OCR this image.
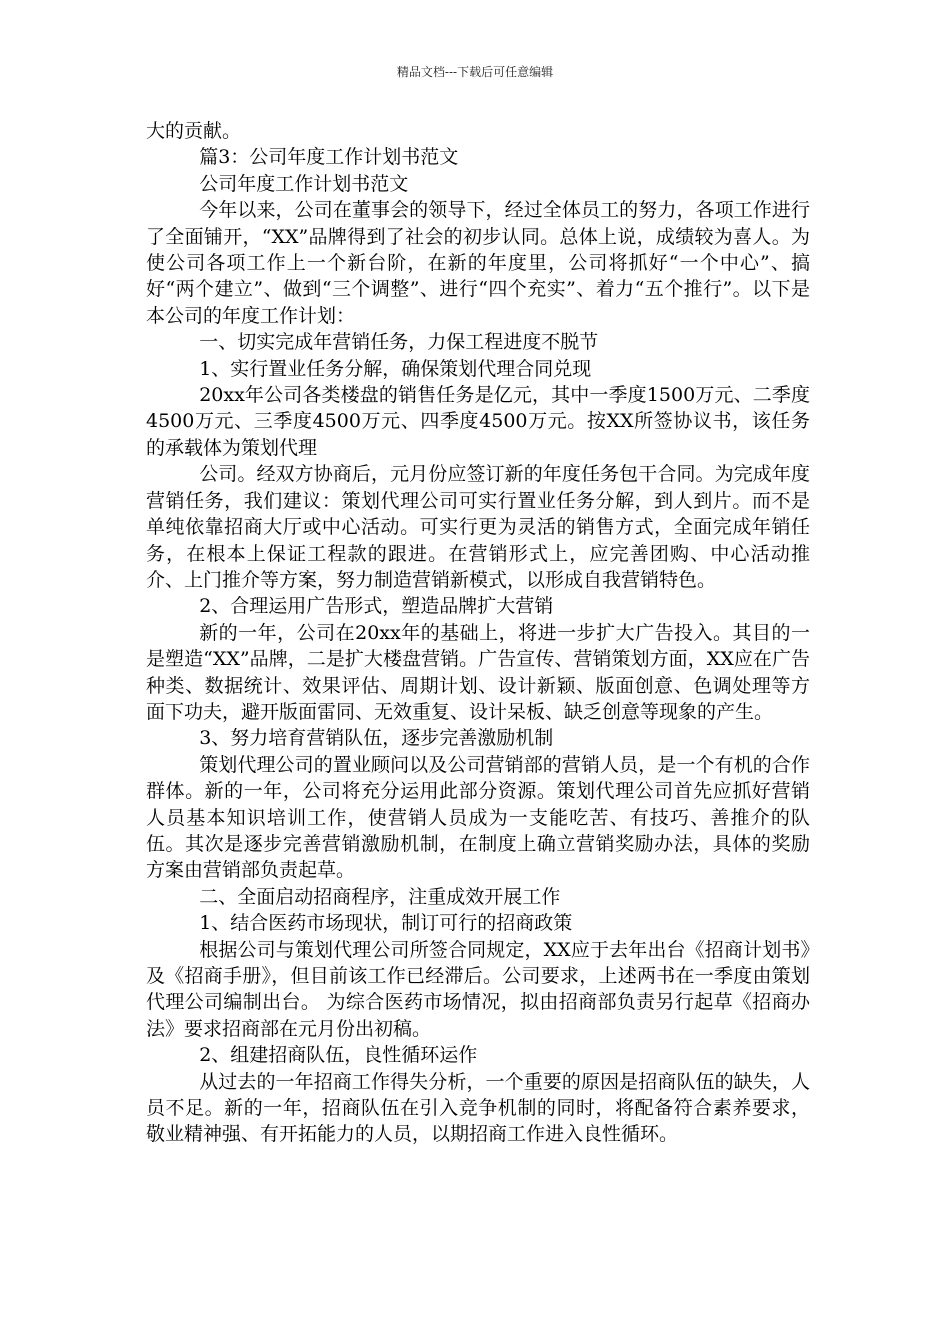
精品文档---下载后可任意编辑

大的贡献。

篇3：公司年度工作计划书范文

公司年度工作计划书范文

今年以来，公司在董事会的领导下，经过全体员工的努力，各项工作进行了全面铺开，“XX”品牌得到了社会的初步认同。总体上说，成绩较为喜人。为使公司各项工作上一个新台阶，在新的年度里，公司将抓好“一个中心”、搞好“两个建立”、做到“三个调整”、进行“四个充实”、着力“五个推行”。以下是本公司的年度工作计划：

一、切实完成年营销任务，力保工程进度不脱节

1、实行置业任务分解，确保策划代理合同兑现

20xx年公司各类楼盘的销售任务是亿元，其中一季度1500万元、二季度4500万元、三季度4500万元、四季度4500万元。按XX所签协议书，该任务的承载体为策划代理

公司。经双方协商后，元月份应签订新的年度任务包干合同。为完成年度营销任务，我们建议：策划代理公司可实行置业任务分解，到人到片。而不是单纯依靠招商大厅或中心活动。可实行更为灵活的销售方式，全面完成年销任务，在根本上保证工程款的跟进。在营销形式上，应完善团购、中心活动推介、上门推介等方案，努力制造营销新模式，以形成自我营销特色。

2、合理运用广告形式，塑造品牌扩大营销

新的一年，公司在20xx年的基础上，将进一步扩大广告投入。其目的一是塑造“XX”品牌，二是扩大楼盘营销。广告宣传、营销策划方面，XX应在广告种类、数据统计、效果评估、周期计划、设计新颖、版面创意、色调处理等方面下功夫，避开版面雷同、无效重复、设计呆板、缺乏创意等现象的产生。

3、努力培育营销队伍，逐步完善激励机制

策划代理公司的置业顾问以及公司营销部的营销人员，是一个有机的合作群体。新的一年，公司将充分运用此部分资源。策划代理公司首先应抓好营销人员基本知识培训工作，使营销人员成为一支能吃苦、有技巧、善推介的队伍。其次是逐步完善营销激励机制，在制度上确立营销奖励办法，具体的奖励方案由营销部负责起草。

二、全面启动招商程序，注重成效开展工作

1、结合医药市场现状，制订可行的招商政策

根据公司与策划代理公司所签合同规定，XX应于去年出台《招商计划书》及《招商手册》，但目前该工作已经滞后。公司要求，上述两书在一季度由策划代理公司编制出台。 为综合医药市场情况，拟由招商部负责另行起草《招商办法》要求招商部在元月份出初稿。

2、组建招商队伍，良性循环运作

从过去的一年招商工作得失分析，一个重要的原因是招商队伍的缺失，人员不足。新的一年，招商队伍在引入竞争机制的同时，将配备符合素养要求，敬业精神强、有开拓能力的人员，以期招商工作进入良性循环。
